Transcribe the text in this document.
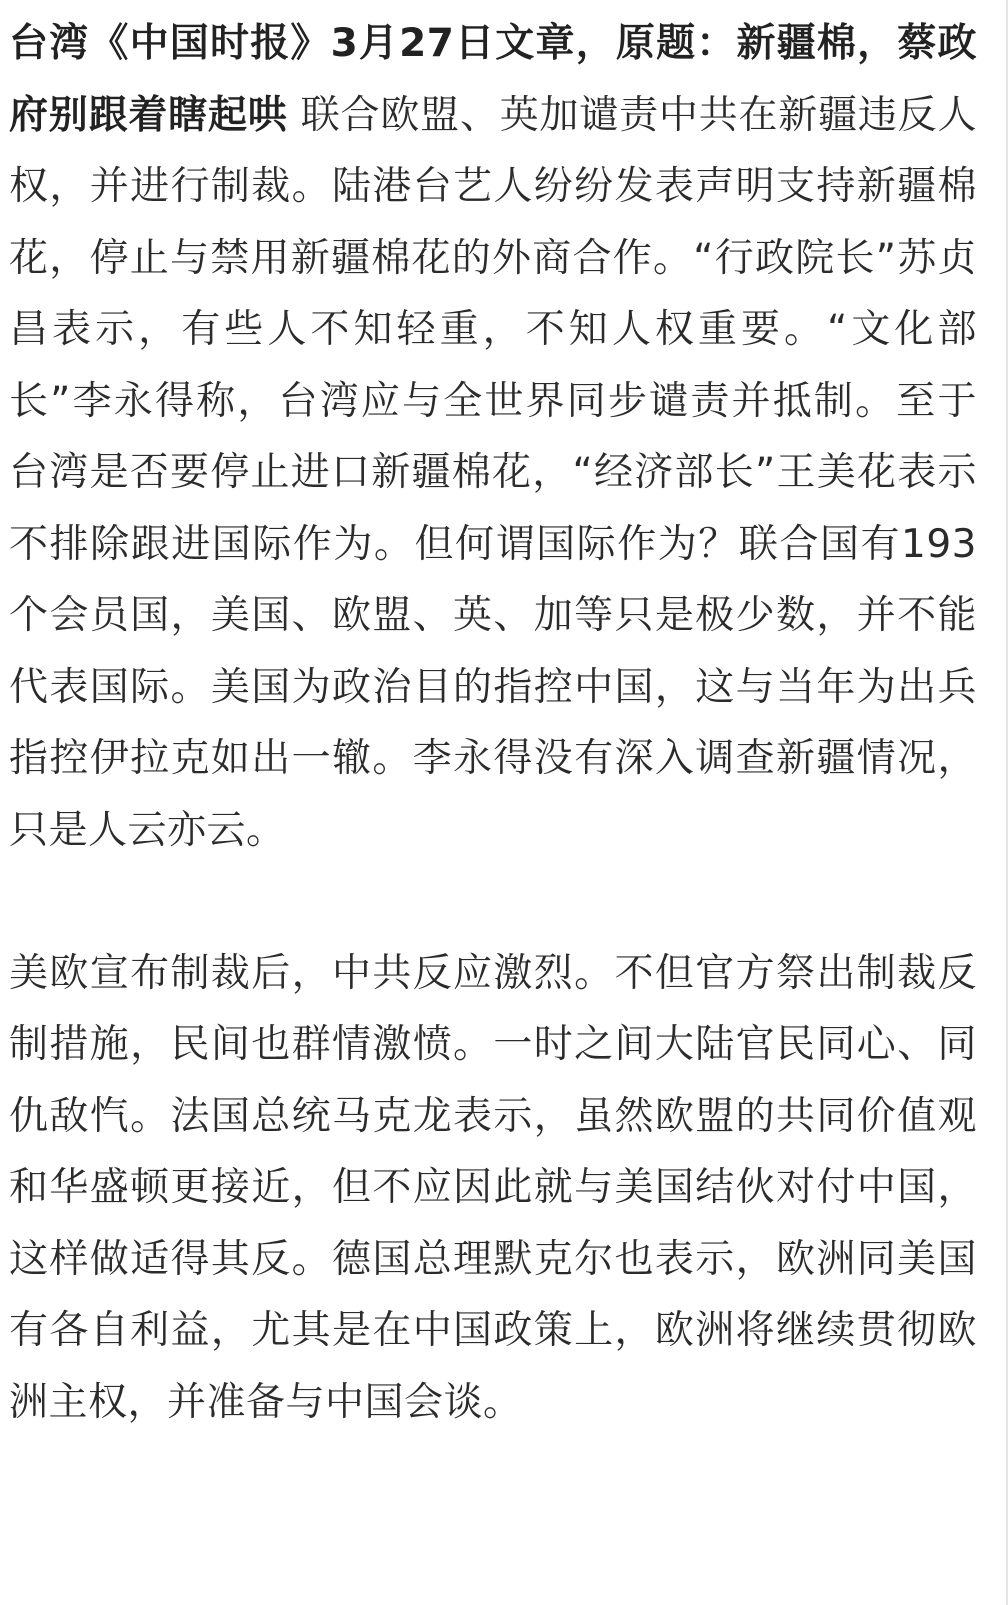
台湾《中国时报》3月27日文章，原题：新疆棉，蔡政府别跟着瞎起哄 联合欧盟、英加谴责中共在新疆违反人权，并进行制裁。陆港台艺人纷纷发表声明支持新疆棉花，停止与禁用新疆棉花的外商合作。“行政院长”苏贞昌表示，有些人不知轻重，不知人权重要。“文化部长”李永得称，台湾应与全世界同步谴责并抵制。至于台湾是否要停止进口新疆棉花，“经济部长”王美花表示不排除跟进国际作为。但何谓国际作为？联合国有193个会员国，美国、欧盟、英、加等只是极少数，并不能代表国际。美国为政治目的指控中国，这与当年为出兵指控伊拉克如出一辙。李永得没有深入调查新疆情况，只是人云亦云。

美欧宣布制裁后，中共反应激烈。不但官方祭出制裁反制措施，民间也群情激愤。一时之间大陆官民同心、同仇敌忾。法国总统马克龙表示，虽然欧盟的共同价值观和华盛顿更接近，但不应因此就与美国结伙对付中国，这样做适得其反。德国总理默克尔也表示，欧洲同美国有各自利益，尤其是在中国政策上，欧洲将继续贯彻欧洲主权，并准备与中国会谈。
